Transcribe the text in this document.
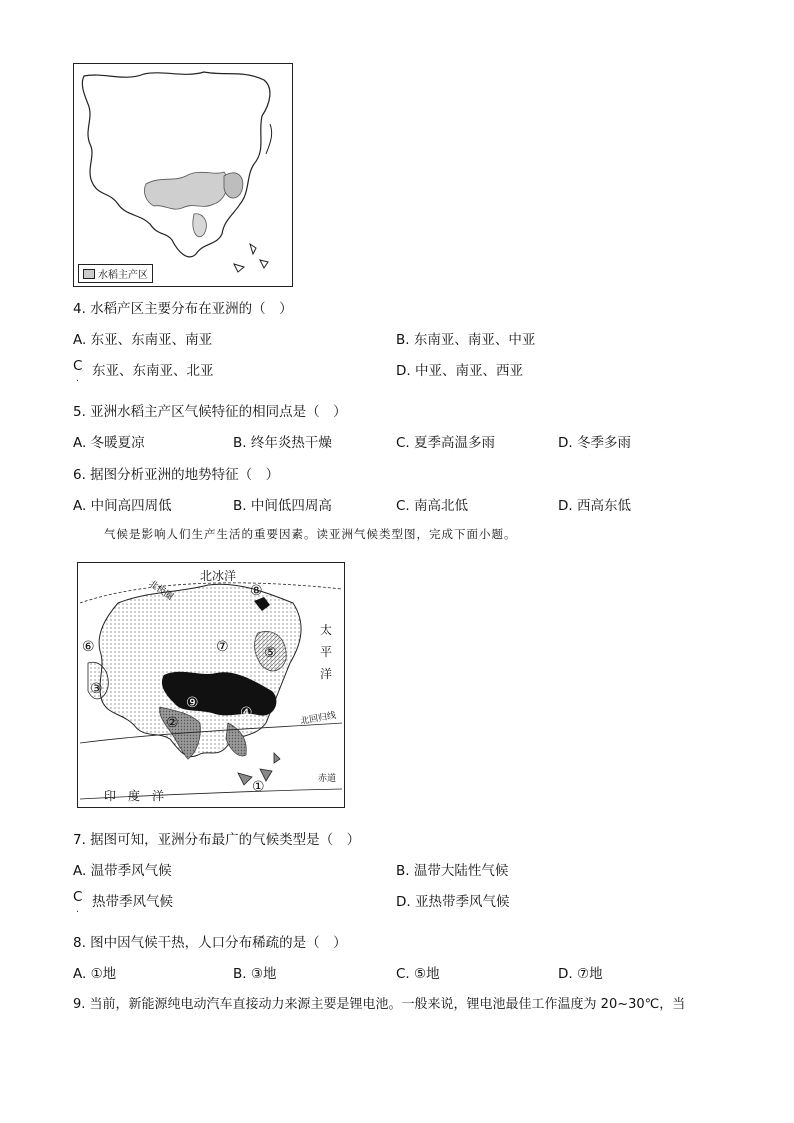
水稻主产区
4. 水稻产区主要分布在亚洲的（　）
A. 东亚、东南亚、南亚	B. 东南亚、南亚、中亚
C
. 东亚、东南亚、北亚	D. 中亚、南亚、西亚
5. 亚洲水稻主产区气候特征的相同点是（　）
A. 冬暖夏凉	B. 终年炎热干燥	C. 夏季高温多雨	D. 冬季多雨
6. 据图分析亚洲的地势特征（　）
A. 中间高四周低	B. 中间低四周高	C. 南高北低	D. 西高东低
气候是影响人们生产生活的重要因素。读亚洲气候类型图，完成下面小题。
北冰洋
北极圈
太
平
洋
北回归线
赤道
印　度　洋
①
②
③
④
⑤
⑥	⑦
⑧
⑨
7. 据图可知，亚洲分布最广的气候类型是（　）
A. 温带季风气候	B. 温带大陆性气候
C
. 热带季风气候	D. 亚热带季风气候
8. 图中因气候干热，人口分布稀疏的是（　）
A. ①地	B. ③地	C. ⑤地	D. ⑦地
9. 当前，新能源纯电动汽车直接动力来源主要是锂电池。一般来说，锂电池最佳工作温度为 20~30℃，当
